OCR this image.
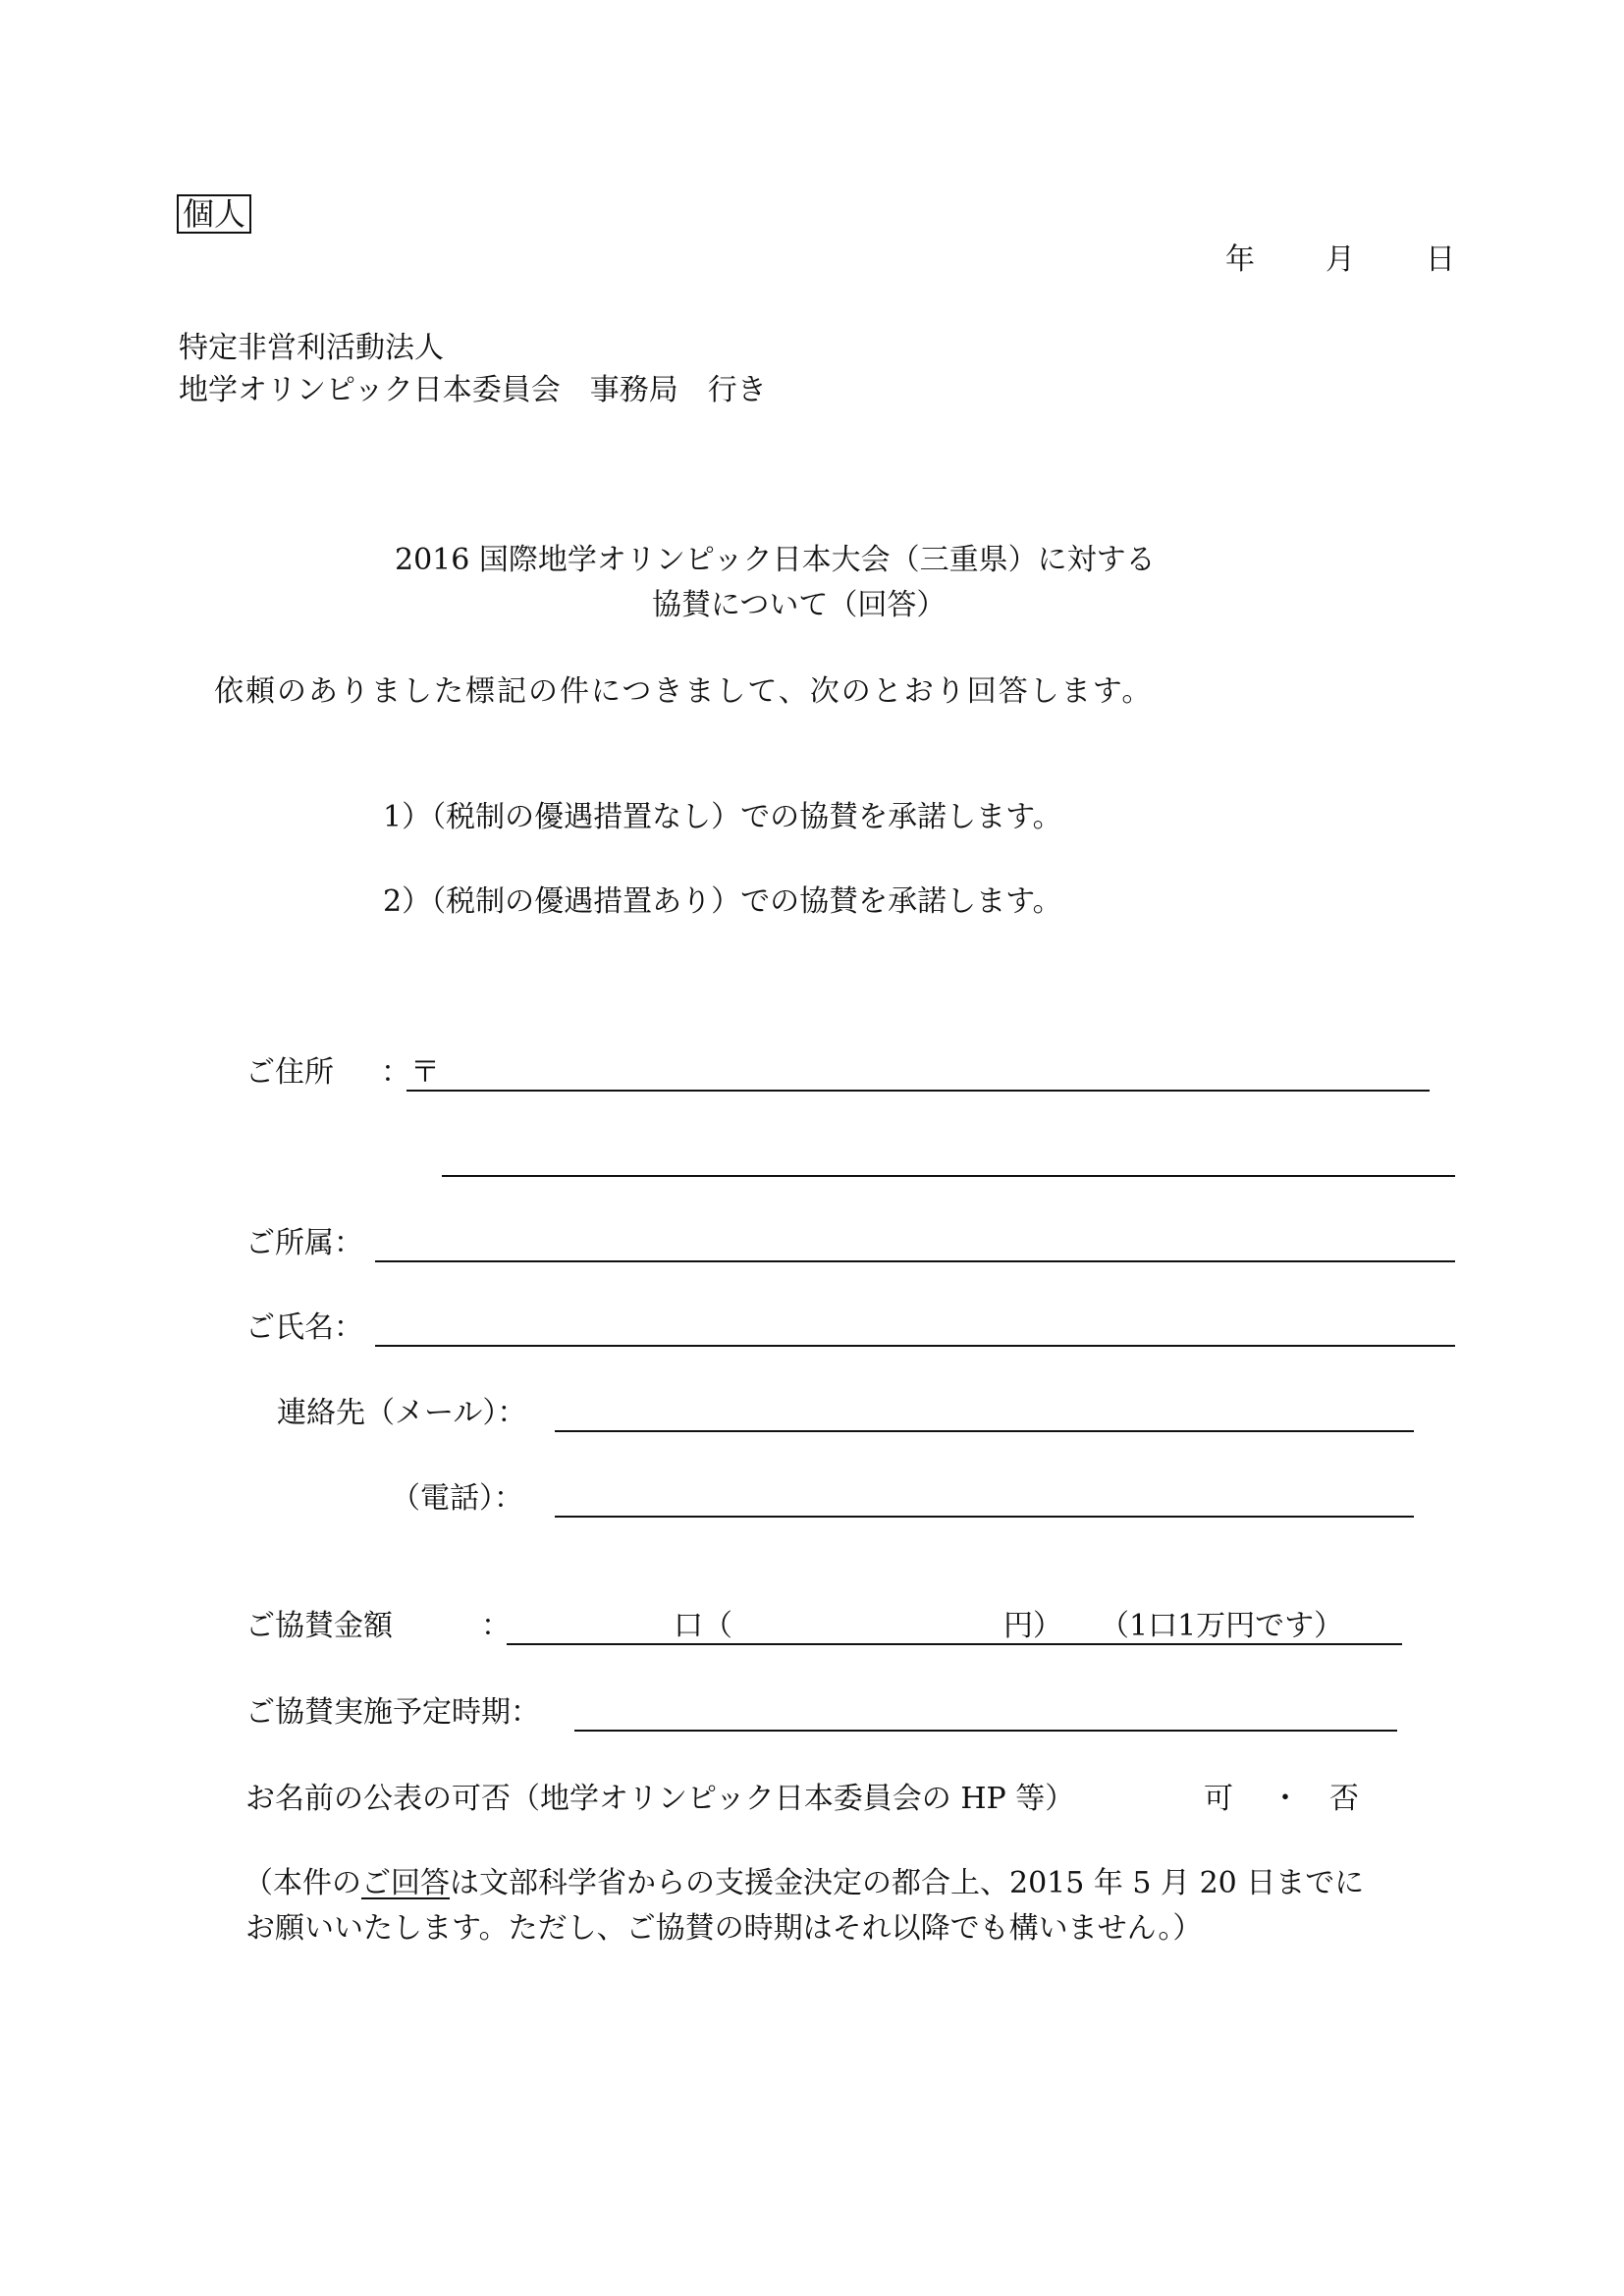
個人
年 月 日
特定非営利活動法人
地学オリンピック日本委員会　事務局　行き
2016 国際地学オリンピック日本大会（三重県）に対する
協賛について（回答）
依頼のありました標記の件につきまして、次のとおり回答します。
1）（税制の優遇措置なし）での協賛を承諾します。
2）（税制の優遇措置あり）での協賛を承諾します。
ご住所 ： 〒
ご所属：
ご氏名：
連絡先（メール）：
（電話）：
ご協賛金額	：	口（	円） （1口1万円です）
ご協賛実施予定時期：
お名前の公表の可否（地学オリンピック日本委員会の HP 等）	可 ・ 否
（本件のご回答は文部科学省からの支援金決定の都合上、2015 年 5 月 20 日までに
お願いいたします。ただし、ご協賛の時期はそれ以降でも構いません。）
